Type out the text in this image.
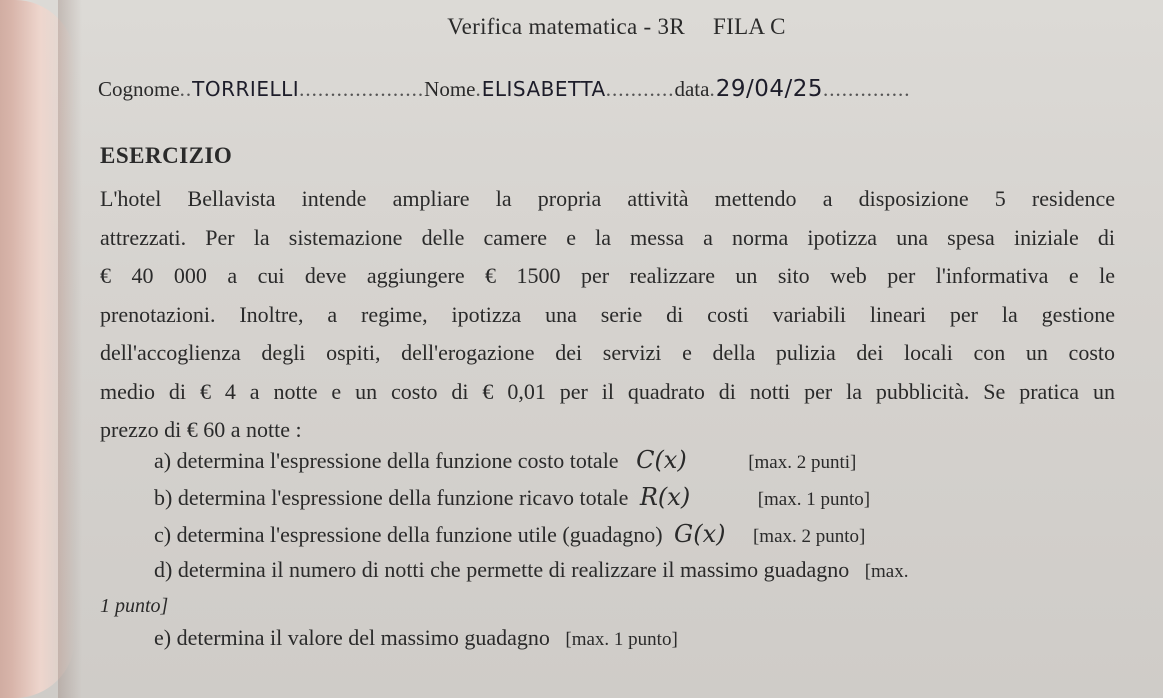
Verifica matematica - 3R FILA C
Cognome..TORRIELLI....................Nome.ELISABETTA...........data.29/04/25..............
ESERCIZIO

L'hotel Bellavista intende ampliare la propria attività mettendo a disposizione 5 residence

attrezzati. Per la sistemazione delle camere e la messa a norma ipotizza una spesa iniziale di

€ 40 000 a cui deve aggiungere € 1500 per realizzare un sito web per l'informativa e le

prenotazioni. Inoltre, a regime, ipotizza una serie di costi variabili lineari per la gestione

dell'accoglienza degli ospiti, dell'erogazione dei servizi e della pulizia dei locali con un costo

medio di € 4 a notte e un costo di € 0,01 per il quadrato di notti per la pubblicità. Se pratica un

prezzo di € 60 a notte :

a) determina l'espressione della funzione costo totale C(x)	[max. 2 punti]
b) determina l'espressione della funzione ricavo totale R(x)	[max. 1 punto]
c) determina l'espressione della funzione utile (guadagno) G(x) [max. 2 punto]
d) determina il numero di notti che permette di realizzare il massimo guadagno [max.
1 punto]
e) determina il valore del massimo guadagno [max. 1 punto]
